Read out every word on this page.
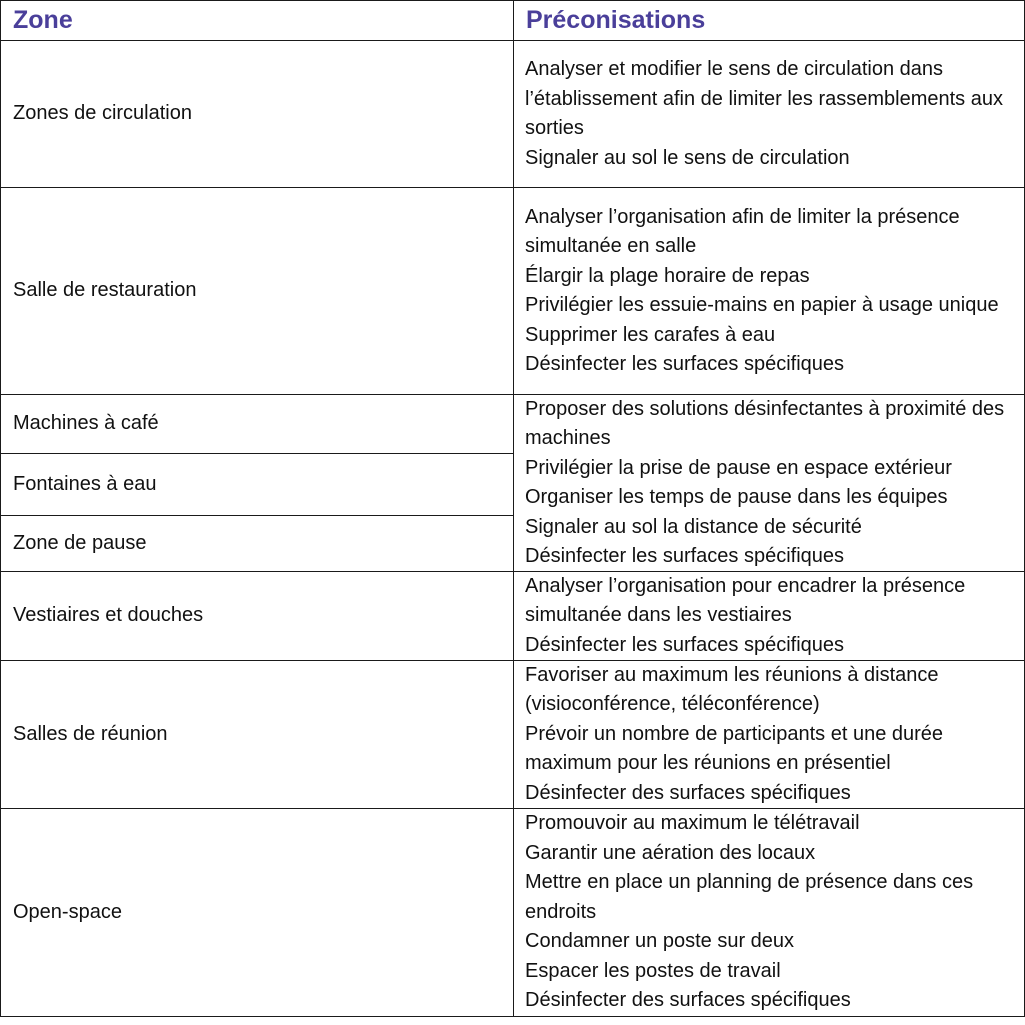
Zone	Préconisations
Zones de circulation
Analyser et modifier le sens de circulation dans l’établissement afin de limiter les rassemblements aux sorties
Signaler au sol le sens de circulation
Salle de restauration
Analyser l’organisation afin de limiter la présence simultanée en salle
Élargir la plage horaire de repas
Privilégier les essuie-mains en papier à usage unique
Supprimer les carafes à eau
Désinfecter les surfaces spécifiques
Machines à café
Fontaines à eau
Zone de pause
Proposer des solutions désinfectantes à proximité des machines
Privilégier la prise de pause en espace extérieur
Organiser les temps de pause dans les équipes
Signaler au sol la distance de sécurité
Désinfecter les surfaces spécifiques
Vestiaires et douches
Analyser l’organisation pour encadrer la présence simultanée dans les vestiaires
Désinfecter les surfaces spécifiques
Salles de réunion
Favoriser au maximum les réunions à distance (visioconférence, téléconférence)
Prévoir un nombre de participants et une durée maximum pour les réunions en présentiel
Désinfecter des surfaces spécifiques
Open-space
Promouvoir au maximum le télétravail
Garantir une aération des locaux
Mettre en place un planning de présence dans ces endroits
Condamner un poste sur deux
Espacer les postes de travail
Désinfecter des surfaces spécifiques
